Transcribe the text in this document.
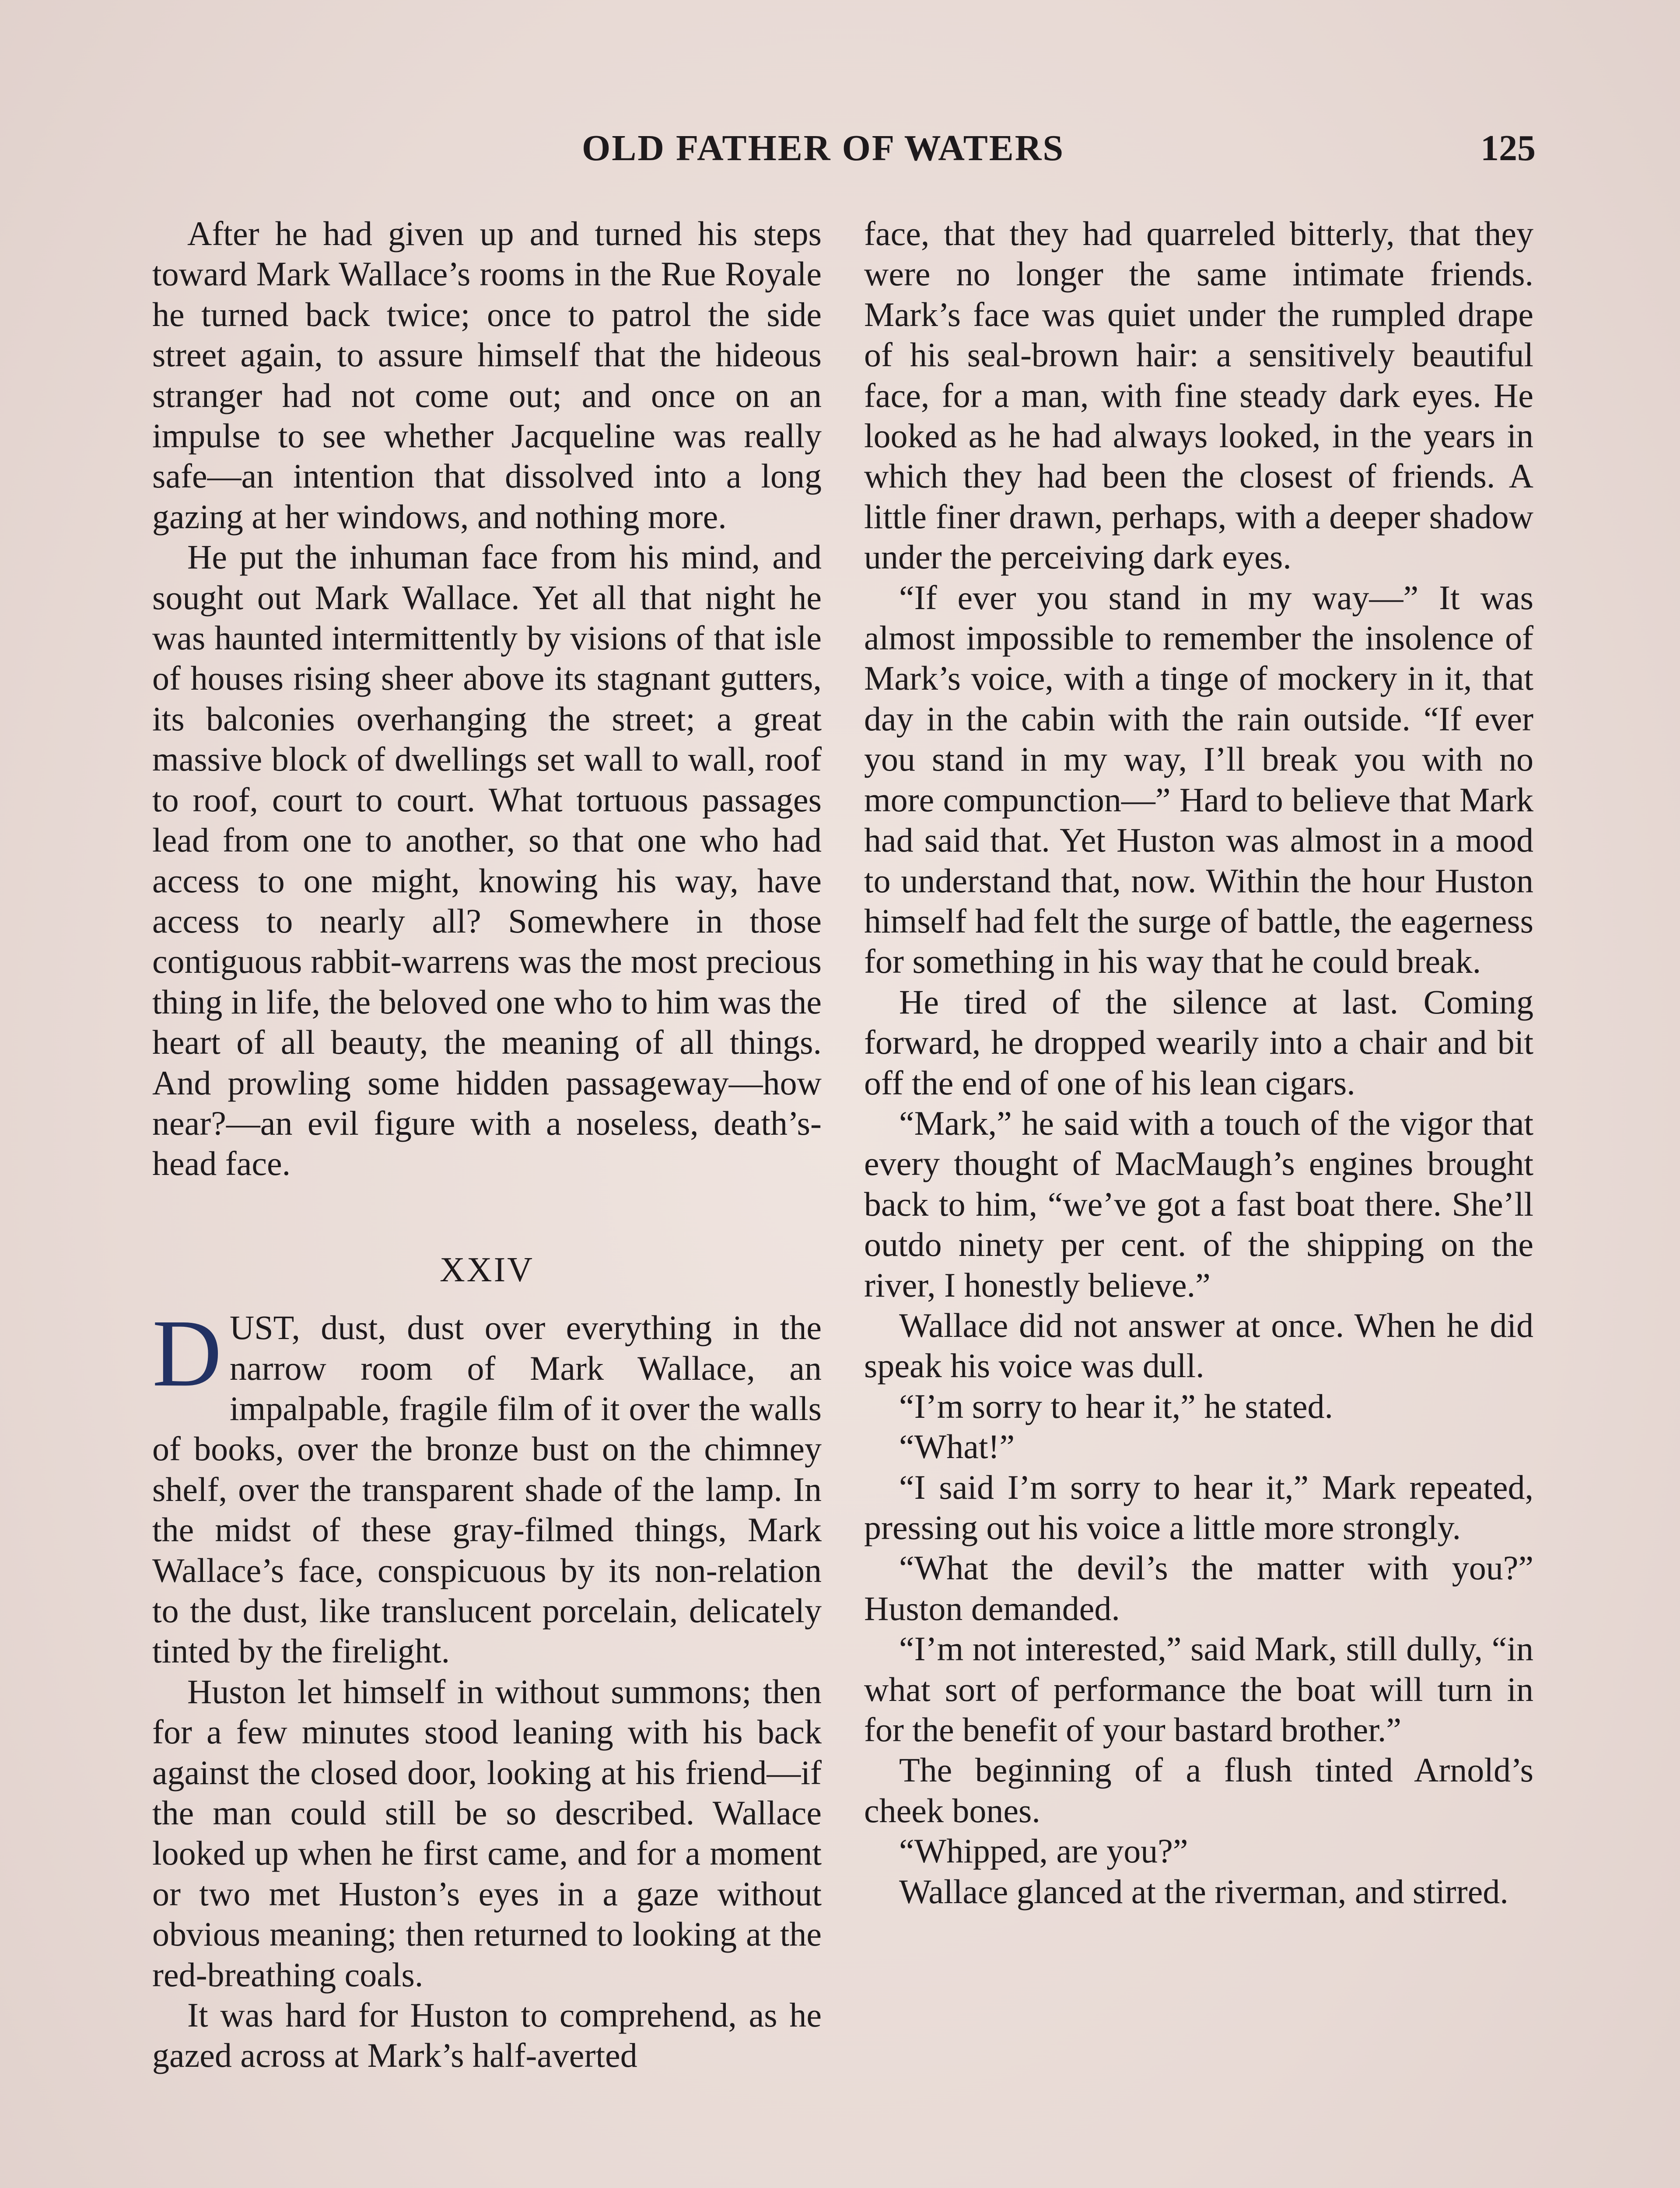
OLD FATHER OF WATERS	125

After he had given up and turned his steps toward Mark Wallace’s rooms in the Rue Royale he turned back twice; once to patrol the side street again, to assure himself that the hideous stranger had not come out; and once on an impulse to see whether Jacqueline was really safe—an intention that dissolved into a long gazing at her windows, and nothing more.

He put the inhuman face from his mind, and sought out Mark Wallace. Yet all that night he was haunted intermittently by visions of that isle of houses rising sheer above its stagnant gutters, its balconies overhanging the street; a great massive block of dwellings set wall to wall, roof to roof, court to court. What tortuous passages lead from one to another, so that one who had access to one might, knowing his way, have access to nearly all? Somewhere in those contiguous rabbit-warrens was the most precious thing in life, the beloved one who to him was the heart of all beauty, the meaning of all things. And prowling some hidden passageway—how near?—an evil figure with a noseless, death’s-head face.

XXIV

DUST, dust, dust over everything in the narrow room of Mark Wallace, an impalpable, fragile film of it over the walls of books, over the bronze bust on the chimney shelf, over the transparent shade of the lamp. In the midst of these gray-filmed things, Mark Wallace’s face, conspicuous by its non-relation to the dust, like translucent porcelain, delicately tinted by the firelight.

Huston let himself in without summons; then for a few minutes stood leaning with his back against the closed door, looking at his friend—if the man could still be so described. Wallace looked up when he first came, and for a moment or two met Huston’s eyes in a gaze without obvious meaning; then returned to looking at the red-breathing coals.

It was hard for Huston to comprehend, as he gazed across at Mark’s half-averted

face, that they had quarreled bitterly, that they were no longer the same intimate friends. Mark’s face was quiet under the rumpled drape of his seal-brown hair: a sensitively beautiful face, for a man, with fine steady dark eyes. He looked as he had always looked, in the years in which they had been the closest of friends. A little finer drawn, perhaps, with a deeper shadow under the perceiving dark eyes.

“If ever you stand in my way—” It was almost impossible to remember the insolence of Mark’s voice, with a tinge of mockery in it, that day in the cabin with the rain outside. “If ever you stand in my way, I’ll break you with no more compunction—” Hard to believe that Mark had said that. Yet Huston was almost in a mood to understand that, now. Within the hour Huston himself had felt the surge of battle, the eagerness for something in his way that he could break.

He tired of the silence at last. Coming forward, he dropped wearily into a chair and bit off the end of one of his lean cigars.

“Mark,” he said with a touch of the vigor that every thought of MacMaugh’s engines brought back to him, “we’ve got a fast boat there. She’ll outdo ninety per cent. of the shipping on the river, I honestly believe.”

Wallace did not answer at once. When he did speak his voice was dull.

“I’m sorry to hear it,” he stated.

“What!”

“I said I’m sorry to hear it,” Mark repeated, pressing out his voice a little more strongly.

“What the devil’s the matter with you?” Huston demanded.

“I’m not interested,” said Mark, still dully, “in what sort of performance the boat will turn in for the benefit of your bastard brother.”

The beginning of a flush tinted Arnold’s cheek bones.

“Whipped, are you?”

Wallace glanced at the riverman, and stirred.
